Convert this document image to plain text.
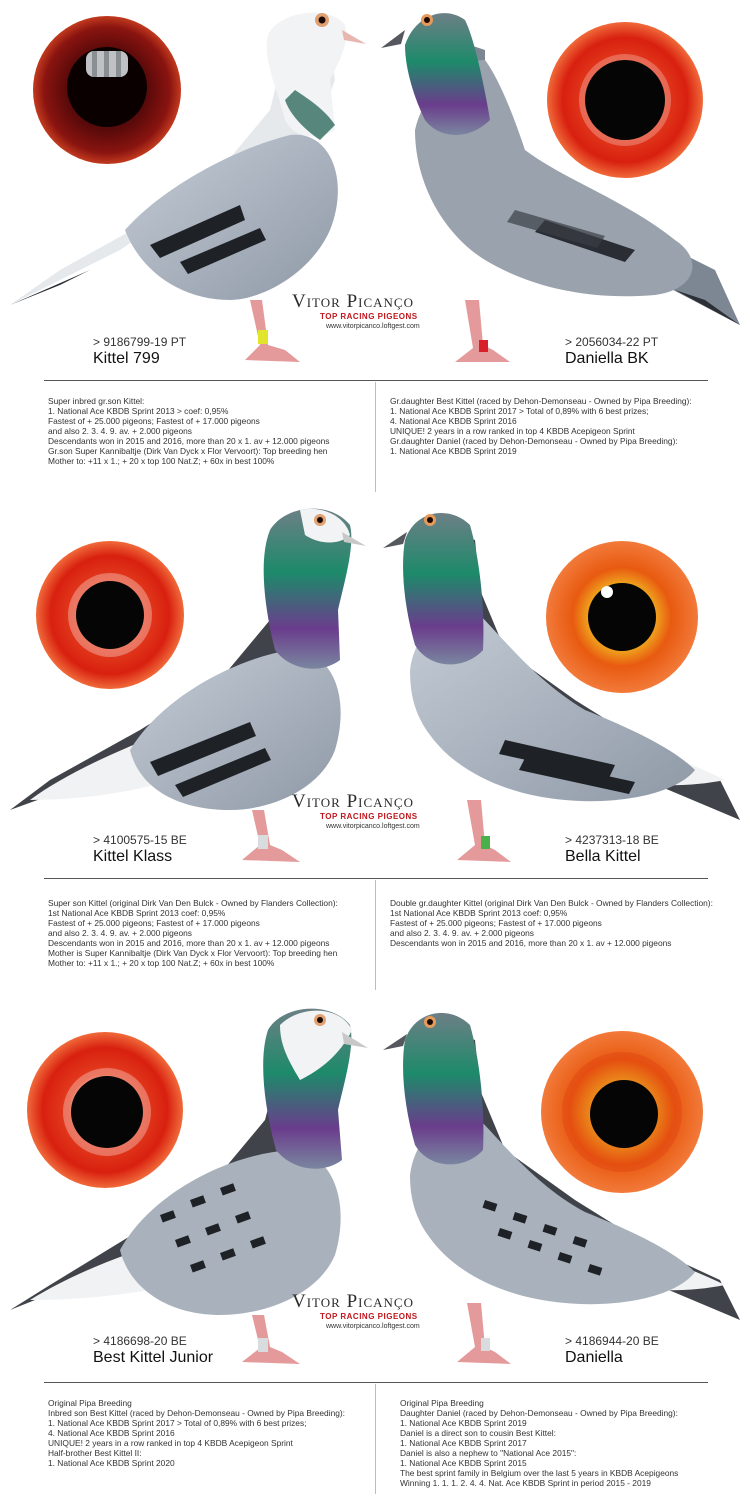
Vitor Picanço
TOP RACING PIGEONS
www.vitorpicanco.loftgest.com
> 9186799-19 PT
Kittel 799
> 2056034-22 PT
Daniella BK
Super inbred gr.son Kittel:
1. National Ace KBDB Sprint 2013 > coef: 0,95%
Fastest of + 25.000 pigeons; Fastest of + 17.000 pigeons
and also 2. 3. 4. 9. av. + 2.000 pigeons
Descendants won in 2015 and 2016, more than 20 x 1. av + 12.000 pigeons
Gr.son Super Kannibaltje (Dirk Van Dyck x Flor Vervoort): Top breeding hen
Mother to: +11 x 1.; + 20 x top 100 Nat.Z; + 60x in best 100%
Gr.daughter Best Kittel (raced by Dehon-Demonseau - Owned by Pipa Breeding):
1. National Ace KBDB Sprint 2017 > Total of 0,89% with 6 best prizes;
4. National Ace KBDB Sprint 2016
UNIQUE! 2 years in a row ranked in top 4 KBDB Acepigeon Sprint
Gr.daughter Daniel (raced by Dehon-Demonseau - Owned by Pipa Breeding):
1. National Ace KBDB Sprint 2019
Vitor Picanço
TOP RACING PIGEONS
www.vitorpicanco.loftgest.com
> 4100575-15 BE
Kittel Klass
> 4237313-18 BE
Bella Kittel
Super son Kittel (original Dirk Van Den Bulck - Owned by Flanders Collection):
1st National Ace KBDB Sprint 2013 coef: 0,95%
Fastest of + 25.000 pigeons; Fastest of + 17.000 pigeons
and also 2. 3. 4. 9. av. + 2.000 pigeons
Descendants won in 2015 and 2016, more than 20 x 1. av + 12.000 pigeons
Mother is Super Kannibaltje (Dirk Van Dyck x Flor Vervoort): Top breeding hen
Mother to: +11 x 1.; + 20 x top 100 Nat.Z; + 60x in best 100%
Double gr.daughter Kittel (original Dirk Van Den Bulck - Owned by Flanders Collection):
1st National Ace KBDB Sprint 2013 coef: 0,95%
Fastest of + 25.000 pigeons; Fastest of + 17.000 pigeons
and also 2. 3. 4. 9. av. + 2.000 pigeons
Descendants won in 2015 and 2016, more than 20 x 1. av + 12.000 pigeons
Vitor Picanço
TOP RACING PIGEONS
www.vitorpicanco.loftgest.com
> 4186698-20 BE
Best Kittel Junior
> 4186944-20 BE
Daniella
Original Pipa Breeding
Inbred son Best Kittel (raced by Dehon-Demonseau - Owned by Pipa Breeding):
1. National Ace KBDB Sprint 2017 > Total of 0,89% with 6 best prizes;
4. National Ace KBDB Sprint 2016
UNIQUE! 2 years in a row ranked in top 4 KBDB Acepigeon Sprint
Half-brother Best Kittel II:
1. National Ace KBDB Sprint 2020
Original Pipa Breeding
Daughter Daniel (raced by Dehon-Demonseau - Owned by Pipa Breeding):
1. National Ace KBDB Sprint 2019
Daniel is a direct son to cousin Best Kittel:
1. National Ace KBDB Sprint 2017
Daniel is also a nephew to "National Ace 2015":
1. National Ace KBDB Sprint 2015
The best sprint family in Belgium over the last 5 years in KBDB Acepigeons
Winning 1. 1. 1. 2. 4. 4. Nat. Ace KBDB Sprint in period 2015 - 2019
